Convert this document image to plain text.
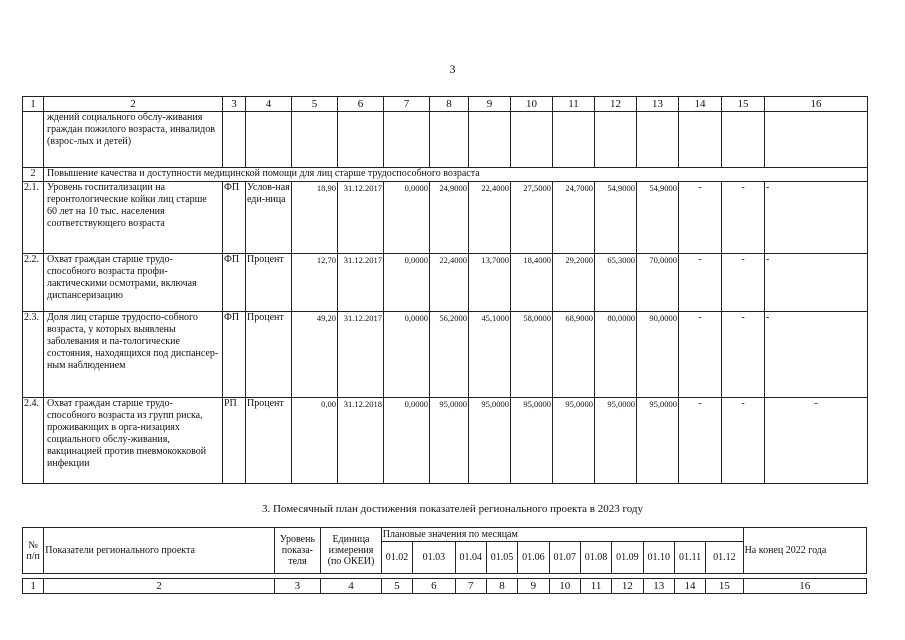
3
1	2	3	4	5	6	7	8	9	10	11	12	13	14	15	16
	ждений социального обслу-живания граждан пожилого возраста, инвалидов (взрос-лых и детей)														
2	Повышение качества и доступности медицинской помощи для лиц старше трудоспособного возраста														
2.1.	Уровень госпитализации на геронтологические койки лиц старше 60 лет на 10 тыс. населения соответствующего возраста	ФП	Услов-ная еди-ница	18,90	31.12.2017	0,0000	24,9000	22,4000	27,5000	24,7000	54,9000	54,9000	-	-	-
2.2.	Охват граждан старше трудо-способного возраста профи-лактическими осмотрами, включая диспансеризацию	ФП	Процент	12,70	31.12.2017	0,0000	22,4000	13,7000	18,4000	29,2000	65,3000	70,0000	-	-	-
2.3.	Доля лиц старше трудоспо-собного возраста, у которых выявлены заболевания и па-тологические состояния, находящихся под диспансер-ным наблюдением	ФП	Процент	49,20	31.12.2017	0,0000	56,2000	45,1000	58,0000	68,9000	80,0000	90,0000	-	-	-
2.4.	Охват граждан старше трудо-способного возраста из групп риска, проживающих в орга-низациях социального обслу-живания, вакцинацией против пневмококковой инфекции	РП	Процент	0,00	31.12.2018	0,0000	95,0000	95,0000	95,0000	95,0000	95,0000	95,0000	-	-	-
3. Помесячный план достижения показателей регионального проекта в 2023 году
№ п/п	Показатели регионального проекта	Уровень показа-теля	Единица измерения (по ОКЕИ)	Плановые значения по месяцам											На конец 2022 года
				01.02	01.03	01.04	01.05	01.06	01.07	01.08	01.09	01.10	01.11	01.12	
1	2	3	4	5	6	7	8	9	10	11	12	13	14	15	16
